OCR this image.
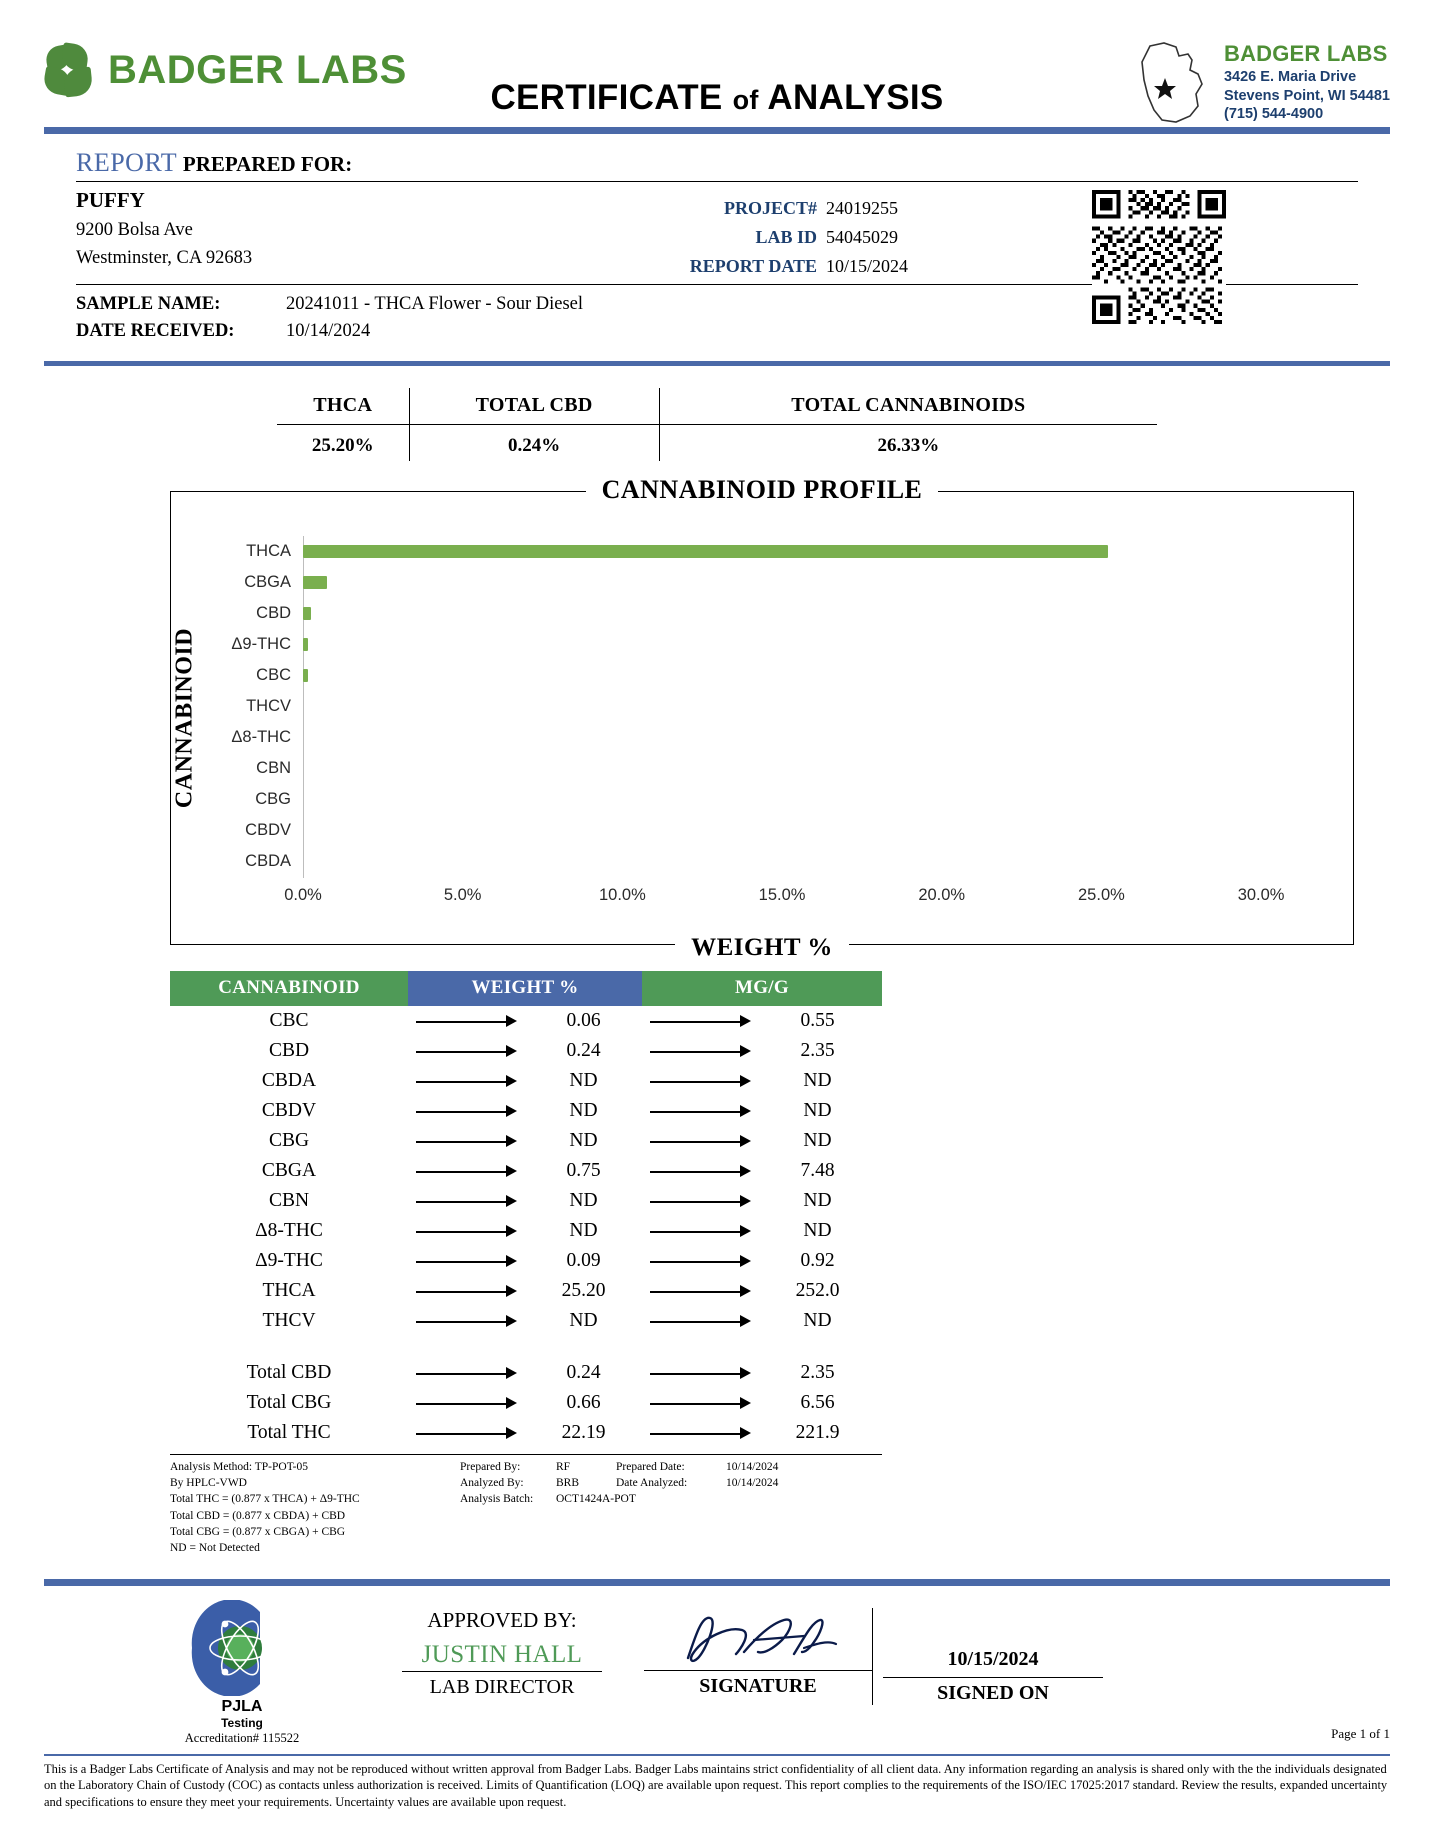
BADGER LABS
CERTIFICATE of ANALYSIS
BADGER LABS
3426 E. Maria Drive
Stevens Point, WI 54481
(715) 544-4900
REPORT PREPARED FOR:
PUFFY
9200 Bolsa Ave
Westminster, CA 92683
PROJECT# 24019255
LAB ID 54045029
REPORT DATE 10/15/2024
SAMPLE NAME:	20241011 - THCA Flower - Sour Diesel
DATE RECEIVED:	10/14/2024
THCA	TOTAL CBD	TOTAL CANNABINOIDS
25.20%	0.24%	26.33%
CANNABINOID PROFILE
CANNABINOID
THCA
CBGA
CBD
Δ9-THC
CBC
THCV
Δ8-THC
CBN
CBG
CBDV
CBDA
0.0%	5.0%	10.0%	15.0%	20.0%	25.0%	30.0%
WEIGHT %
CANNABINOID	WEIGHT %	MG/G
CBC	0.06	0.55
CBD	0.24	2.35
CBDA	ND	ND
CBDV	ND	ND
CBG	ND	ND
CBGA	0.75	7.48
CBN	ND	ND
Δ8-THC	ND	ND
Δ9-THC	0.09	0.92
THCA	25.20	252.0
THCV	ND	ND
Total CBD	0.24	2.35
Total CBG	0.66	6.56
Total THC	22.19	221.9
Analysis Method: TP-POT-05
By HPLC-VWD
Total THC = (0.877 x THCA) + Δ9-THC
Total CBD = (0.877 x CBDA) + CBD
Total CBG = (0.877 x CBGA) + CBG
ND = Not Detected
Prepared By:	RF	Prepared Date:	10/14/2024
Analyzed By:	BRB	Date Analyzed:	10/14/2024
Analysis Batch:	OCT1424A-POT
PJLA
Testing
Accreditation# 115522
APPROVED BY:
JUSTIN HALL
LAB DIRECTOR	SIGNATURE
10/15/2024
SIGNED ON
Page 1 of 1
This is a Badger Labs Certificate of Analysis and may not be reproduced without written approval from Badger Labs. Badger Labs maintains strict confidentiality of all client data. Any information regarding an analysis is shared only with the the individuals designated on the Laboratory Chain of Custody (COC) as contacts unless authorization is received. Limits of Quantification (LOQ) are available upon request. This report complies to the requirements of the ISO/IEC 17025:2017 standard. Review the results, expanded uncertainty and specifications to ensure they meet your requirements. Uncertainty values are available upon request.
